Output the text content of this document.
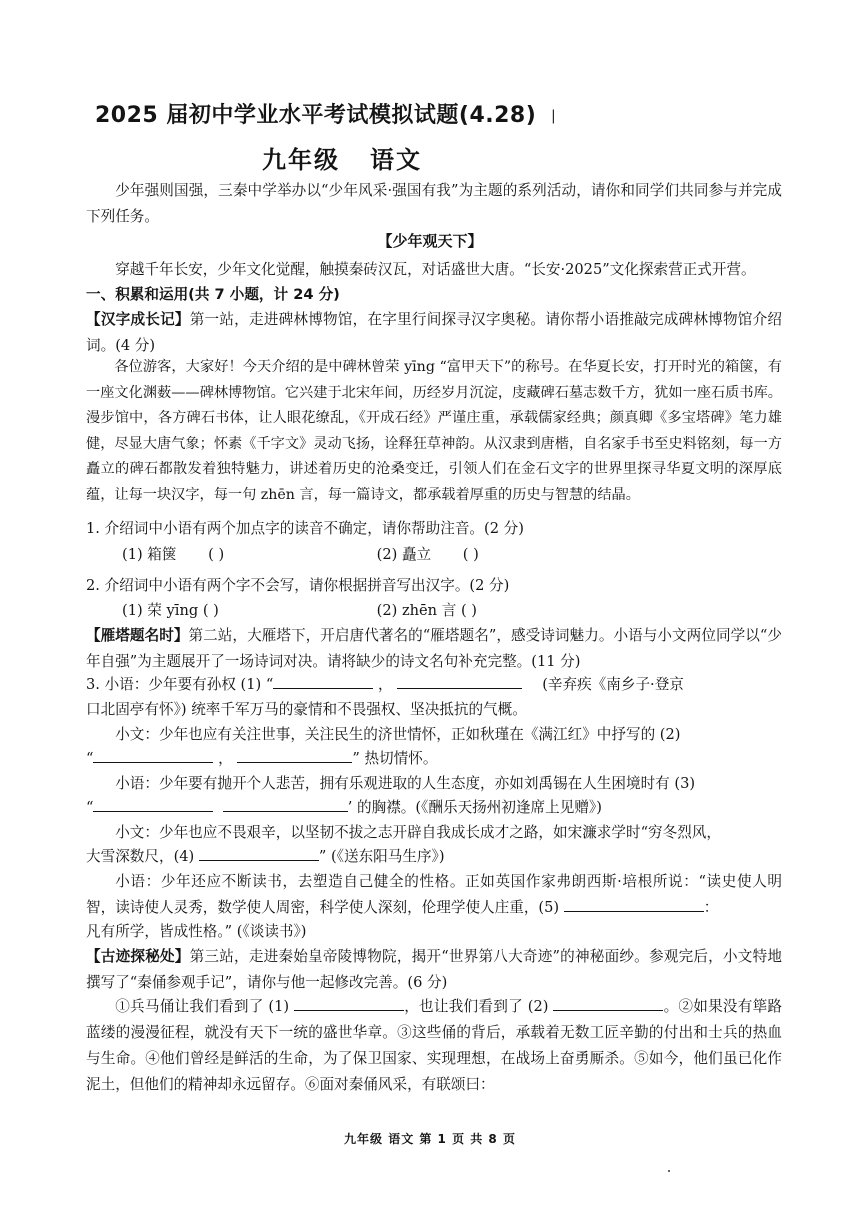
2025 届初中学业水平考试模拟试题(4.28) |
九年级 语文
少年强则国强，三秦中学举办以“少年风采·强国有我”为主题的系列活动，请你和同学们共同参与并完成下列任务。
【少年观天下】
穿越千年长安，少年文化觉醒，触摸秦砖汉瓦，对话盛世大唐。“长安·2025”文化探索营正式开营。
一、积累和运用(共 7 小题，计 24 分)
【汉字成长记】第一站，走进碑林博物馆，在字里行间探寻汉字奥秘。请你帮小语推敲完成碑林博物馆介绍词。(4 分)
各位游客，大家好！今天介绍的是中碑林曾荣 yīng “富甲天下”的称号。在华夏长安，打开时光的箱箧，有一座文化渊薮——碑林博物馆。它兴建于北宋年间，历经岁月沉淀，庋藏碑石墓志数千方，犹如一座石质书库。漫步馆中，各方碑石书体，让人眼花缭乱，《开成石经》严谨庄重，承载儒家经典；颜真卿《多宝塔碑》笔力雄健，尽显大唐气象；怀素《千字文》灵动飞扬，诠释狂草神韵。从汉隶到唐楷，自名家手书至史料铭刻，每一方矗立的碑石都散发着独特魅力，讲述着历史的沧桑变迁，引领人们在金石文字的世界里探寻华夏文明的深厚底蕴，让每一块汉字，每一句 zhēn 言，每一篇诗文，都承载着厚重的历史与智慧的结晶。
1. 介绍词中小语有两个加点字的读音不确定，请你帮助注音。(2 分)
(1) 箱箧 ( )	(2) 矗立 ( )
2. 介绍词中小语有两个字不会写，请你根据拼音写出汉字。(2 分)
(1) 荣 yīng ( )	(2) zhēn 言 ( )
【雁塔题名时】第二站，大雁塔下，开启唐代著名的“雁塔题名”，感受诗词魅力。小语与小文两位同学以“少年自强”为主题展开了一场诗词对决。请将缺少的诗文名句补充完整。(11 分)
3. 小语：少年要有孙权 (1) “	，	(辛弃疾《南乡子·登京
口北固亭有怀》) 统率千军万马的豪情和不畏强权、坚决抵抗的气概。
小文：少年也应有关注世事，关注民生的济世情怀，正如秋瑾在《满江红》中抒写的 (2)
“	，	” 热切情怀。
小语：少年要有抛开个人悲苦，拥有乐观进取的人生态度，亦如刘禹锡在人生困境时有 (3)
“	’ 的胸襟。(《酬乐天扬州初逢席上见赠》)
小文：少年也应不畏艰辛，以坚韧不拔之志开辟自我成长成才之路，如宋濂求学时“穷冬烈风，
大雪深数尺，(4)	” (《送东阳马生序》)
小语：少年还应不断读书，去塑造自己健全的性格。正如英国作家弗朗西斯·培根所说：“读史使人明智，读诗使人灵秀，数学使人周密，科学使人深刻，伦理学使人庄重，(5)	：
凡有所学，皆成性格。” (《谈读书》)
【古迹探秘处】第三站，走进秦始皇帝陵博物院，揭开“世界第八大奇迹”的神秘面纱。参观完后，小文特地撰写了“秦俑参观手记”，请你与他一起修改完善。(6 分)
①兵马俑让我们看到了 (1)	，也让我们看到了 (2)	。②如果没有筚路蓝缕的漫漫征程，就没有天下一统的盛世华章。③这些俑的背后，承载着无数工匠辛勤的付出和士兵的热血与生命。④他们曾经是鲜活的生命，为了保卫国家、实现理想，在战场上奋勇厮杀。⑤如今，他们虽已化作泥土，但他们的精神却永远留存。⑥面对秦俑风采，有联颂曰：
九年级 语文 第 1 页 共 8 页
